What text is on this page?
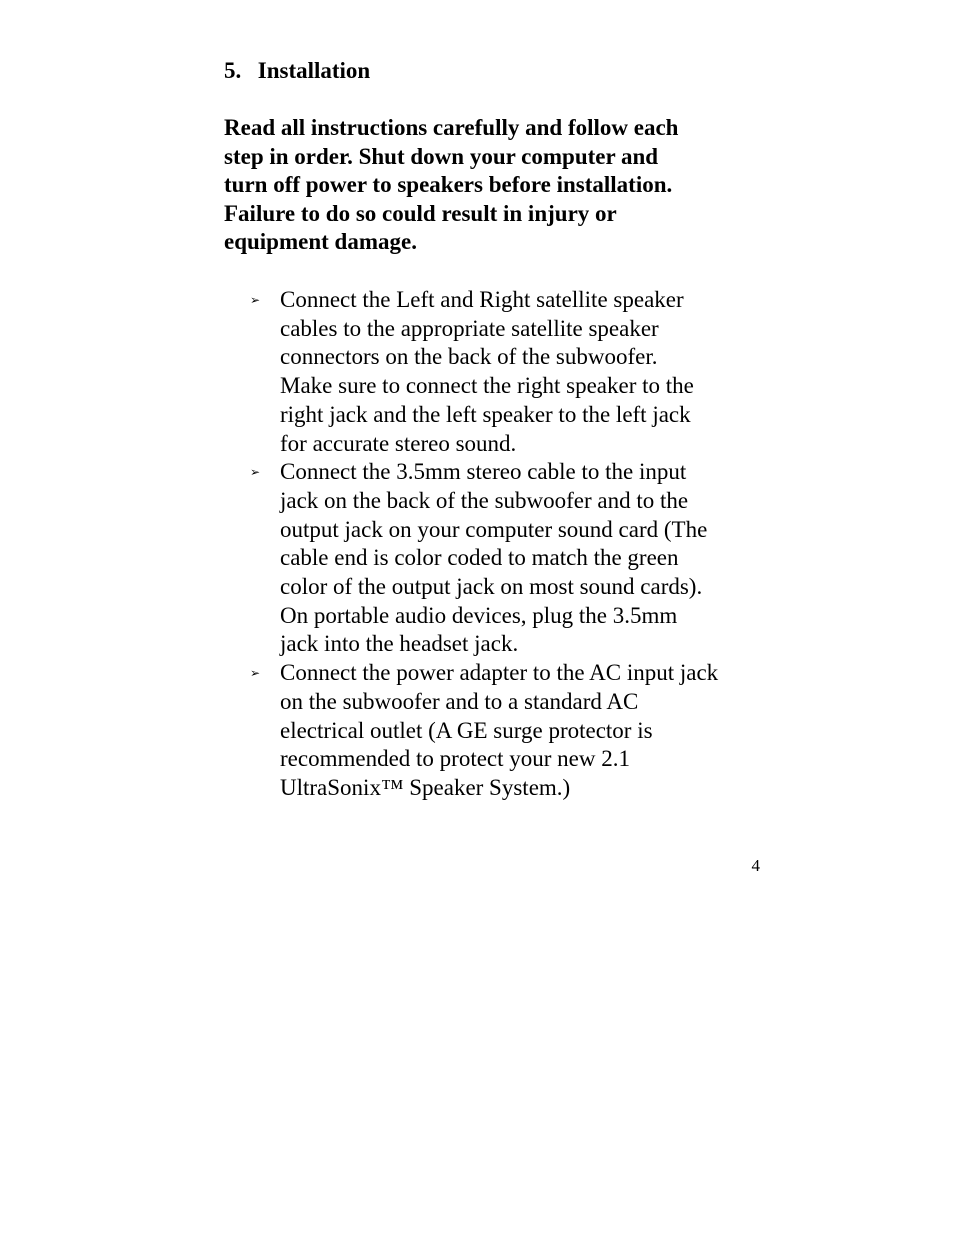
5. Installation
Read all instructions carefully and follow each
step in order. Shut down your computer and
turn off power to speakers before installation.
Failure to do so could result in injury or
equipment damage.
➢ Connect the Left and Right satellite speaker
cables to the appropriate satellite speaker
connectors on the back of the subwoofer.
Make sure to connect the right speaker to the
right jack and the left speaker to the left jack
for accurate stereo sound.
➢ Connect the 3.5mm stereo cable to the input
jack on the back of the subwoofer and to the
output jack on your computer sound card (The
cable end is color coded to match the green
color of the output jack on most sound cards).
On portable audio devices, plug the 3.5mm
jack into the headset jack.
➢ Connect the power adapter to the AC input jack
on the subwoofer and to a standard AC
electrical outlet (A GE surge protector is
recommended to protect your new 2.1
UltraSonix™ Speaker System.)
4
